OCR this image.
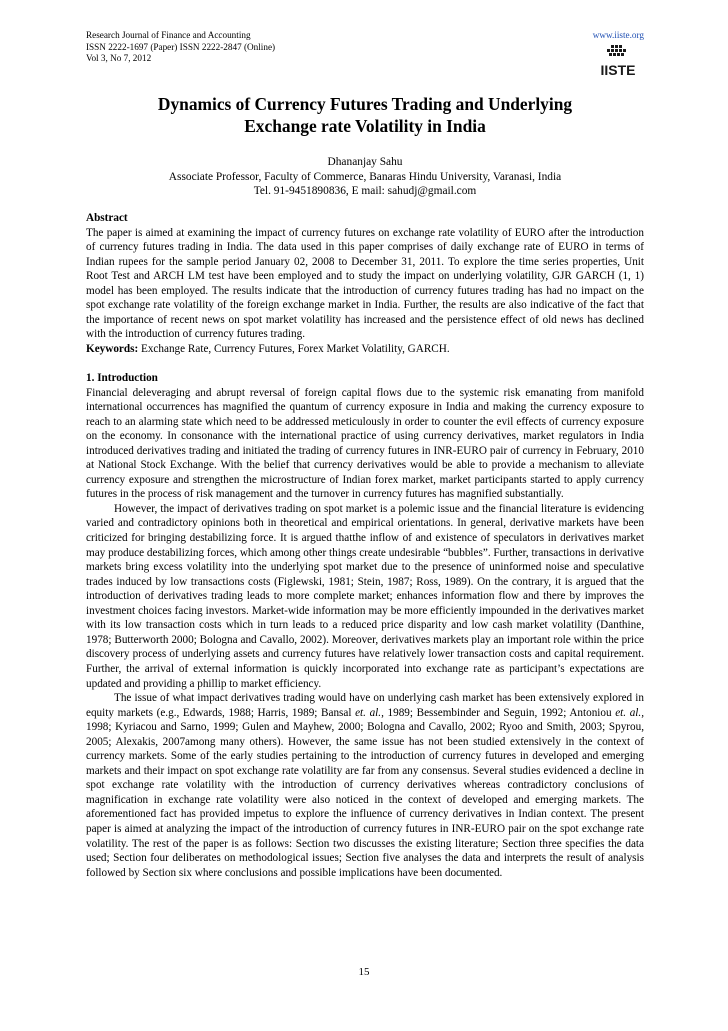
Research Journal of Finance and Accounting
ISSN 2222-1697 (Paper) ISSN 2222-2847 (Online)
Vol 3, No 7, 2012
www.iiste.org
IISTE
Dynamics of Currency Futures Trading and Underlying
Exchange rate Volatility in India
Dhananjay Sahu
Associate Professor, Faculty of Commerce, Banaras Hindu University, Varanasi, India
Tel. 91-9451890836, E mail: sahudj@gmail.com

Abstract

The paper is aimed at examining the impact of currency futures on exchange rate volatility of EURO after the introduction of currency futures trading in India. The data used in this paper comprises of daily exchange rate of EURO in terms of Indian rupees for the sample period January 02, 2008 to December 31, 2011. To explore the time series properties, Unit Root Test and ARCH LM test have been employed and to study the impact on underlying volatility, GJR GARCH (1, 1) model has been employed. The results indicate that the introduction of currency futures trading has had no impact on the spot exchange rate volatility of the foreign exchange market in India. Further, the results are also indicative of the fact that the importance of recent news on spot market volatility has increased and the persistence effect of old news has declined with the introduction of currency futures trading.

Keywords: Exchange Rate, Currency Futures, Forex Market Volatility, GARCH.

1. Introduction

Financial deleveraging and abrupt reversal of foreign capital flows due to the systemic risk emanating from manifold international occurrences has magnified the quantum of currency exposure in India and making the currency exposure to reach to an alarming state which need to be addressed meticulously in order to counter the evil effects of currency exposure on the economy. In consonance with the international practice of using currency derivatives, market regulators in India introduced derivatives trading and initiated the trading of currency futures in INR-EURO pair of currency in February, 2010 at National Stock Exchange. With the belief that currency derivatives would be able to provide a mechanism to alleviate currency exposure and strengthen the microstructure of Indian forex market, market participants started to apply currency futures in the process of risk management and the turnover in currency futures has magnified substantially.

However, the impact of derivatives trading on spot market is a polemic issue and the financial literature is evidencing varied and contradictory opinions both in theoretical and empirical orientations. In general, derivative markets have been criticized for bringing destabilizing force. It is argued thatthe inflow of and existence of speculators in derivatives market may produce destabilizing forces, which among other things create undesirable “bubbles”. Further, transactions in derivative markets bring excess volatility into the underlying spot market due to the presence of uninformed noise and speculative trades induced by low transactions costs (Figlewski, 1981; Stein, 1987; Ross, 1989). On the contrary, it is argued that the introduction of derivatives trading leads to more complete market; enhances information flow and there by improves the investment choices facing investors. Market-wide information may be more efficiently impounded in the derivatives market with its low transaction costs which in turn leads to a reduced price disparity and low cash market volatility (Danthine, 1978; Butterworth 2000; Bologna and Cavallo, 2002). Moreover, derivatives markets play an important role within the price discovery process of underlying assets and currency futures have relatively lower transaction costs and capital requirement. Further, the arrival of external information is quickly incorporated into exchange rate as participant’s expectations are updated and providing a phillip to market efficiency.

The issue of what impact derivatives trading would have on underlying cash market has been extensively explored in equity markets (e.g., Edwards, 1988; Harris, 1989; Bansal et. al., 1989; Bessembinder and Seguin, 1992; Antoniou et. al., 1998; Kyriacou and Sarno, 1999; Gulen and Mayhew, 2000; Bologna and Cavallo, 2002; Ryoo and Smith, 2003; Spyrou, 2005; Alexakis, 2007among many others). However, the same issue has not been studied extensively in the context of currency markets. Some of the early studies pertaining to the introduction of currency futures in developed and emerging markets and their impact on spot exchange rate volatility are far from any consensus. Several studies evidenced a decline in spot exchange rate volatility with the introduction of currency derivatives whereas contradictory conclusions of magnification in exchange rate volatility were also noticed in the context of developed and emerging markets. The aforementioned fact has provided impetus to explore the influence of currency derivatives in Indian context. The present paper is aimed at analyzing the impact of the introduction of currency futures in INR-EURO pair on the spot exchange rate volatility. The rest of the paper is as follows: Section two discusses the existing literature; Section three specifies the data used; Section four deliberates on methodological issues; Section five analyses the data and interprets the result of analysis followed by Section six where conclusions and possible implications have been documented.

15
